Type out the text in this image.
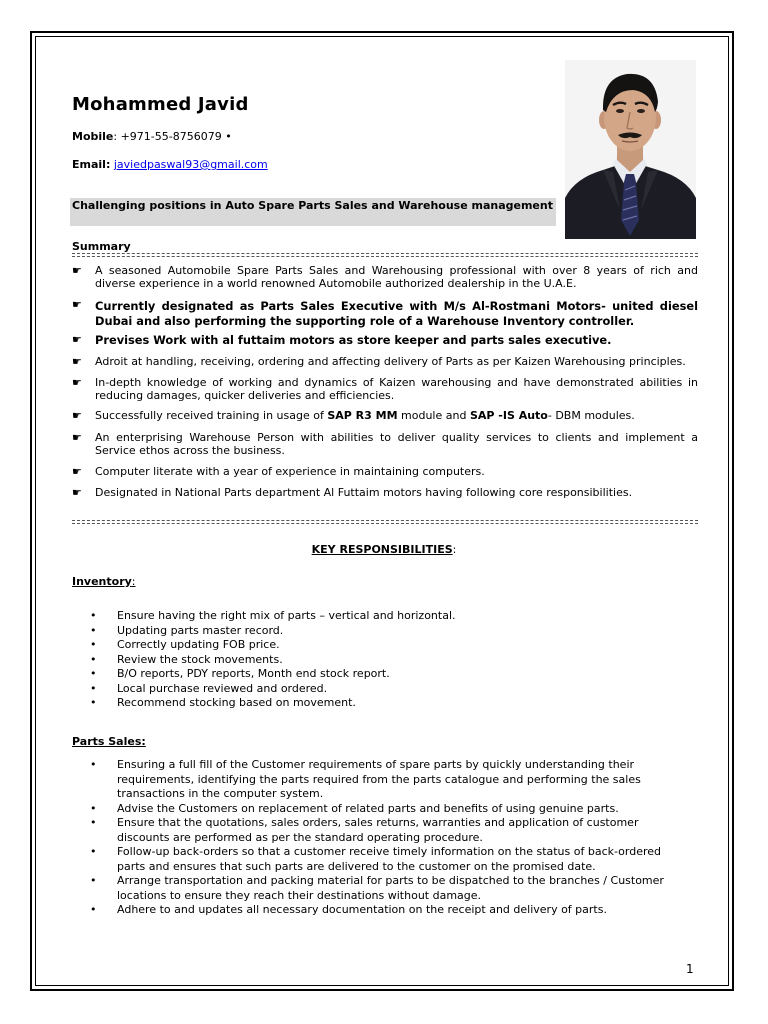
Mohammed Javid
Mobile: +971-55-8756079 •
Email: javiedpaswal93@gmail.com
Challenging positions in Auto Spare Parts Sales and Warehouse management
Summary
☛ A seasoned Automobile Spare Parts Sales and Warehousing professional with over 8 years of rich and diverse experience in a world renowned Automobile authorized dealership in the U.A.E.
☛ Currently designated as Parts Sales Executive with M/s Al-Rostmani Motors- united diesel Dubai and also performing the supporting role of a Warehouse Inventory controller.
☛ Previses Work with al futtaim motors as store keeper and parts sales executive.
☛ Adroit at handling, receiving, ordering and affecting delivery of Parts as per Kaizen Warehousing principles.
☛ In-depth knowledge of working and dynamics of Kaizen warehousing and have demonstrated abilities in reducing damages, quicker deliveries and efficiencies.
☛ Successfully received training in usage of SAP R3 MM module and SAP -IS Auto- DBM modules.
☛ An enterprising Warehouse Person with abilities to deliver quality services to clients and implement a Service ethos across the business.
☛ Computer literate with a year of experience in maintaining computers.
☛ Designated in National Parts department Al Futtaim motors having following core responsibilities.
KEY RESPONSIBILITIES:
Inventory:
• Ensure having the right mix of parts – vertical and horizontal.
• Updating parts master record.
• Correctly updating FOB price.
• Review the stock movements.
• B/O reports, PDY reports, Month end stock report.
• Local purchase reviewed and ordered.
• Recommend stocking based on movement.
Parts Sales:
• Ensuring a full fill of the Customer requirements of spare parts by quickly understanding their requirements, identifying the parts required from the parts catalogue and performing the sales transactions in the computer system.
• Advise the Customers on replacement of related parts and benefits of using genuine parts.
• Ensure that the quotations, sales orders, sales returns, warranties and application of customer discounts are performed as per the standard operating procedure.
• Follow-up back-orders so that a customer receive timely information on the status of back-ordered parts and ensures that such parts are delivered to the customer on the promised date.
• Arrange transportation and packing material for parts to be dispatched to the branches / Customer locations to ensure they reach their destinations without damage.
• Adhere to and updates all necessary documentation on the receipt and delivery of parts.
1
